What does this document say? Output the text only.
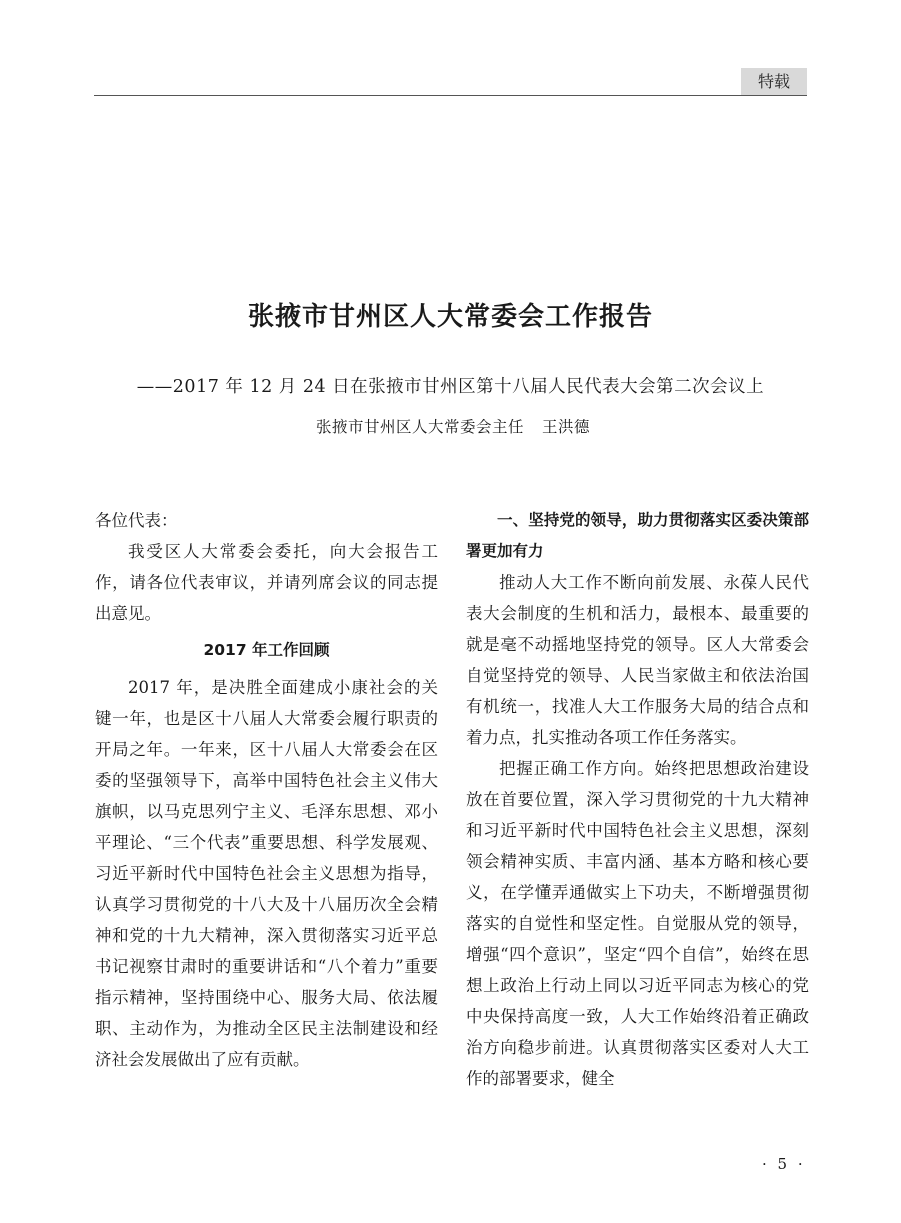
特载
张掖市甘州区人大常委会工作报告
——2017 年 12 月 24 日在张掖市甘州区第十八届人民代表大会第二次会议上
张掖市甘州区人大常委会主任 王洪德

各位代表：

我受区人大常委会委托，向大会报告工作，请各位代表审议，并请列席会议的同志提出意见。

2017 年工作回顾

2017 年，是决胜全面建成小康社会的关键一年，也是区十八届人大常委会履行职责的开局之年。一年来，区十八届人大常委会在区委的坚强领导下，高举中国特色社会主义伟大旗帜，以马克思列宁主义、毛泽东思想、邓小平理论、“三个代表”重要思想、科学发展观、习近平新时代中国特色社会主义思想为指导，认真学习贯彻党的十八大及十八届历次全会精神和党的十九大精神，深入贯彻落实习近平总书记视察甘肃时的重要讲话和“八个着力”重要指示精神，坚持围绕中心、服务大局、依法履职、主动作为，为推动全区民主法制建设和经济社会发展做出了应有贡献。

一、坚持党的领导，助力贯彻落实区委决策部署更加有力

推动人大工作不断向前发展、永葆人民代表大会制度的生机和活力，最根本、最重要的就是毫不动摇地坚持党的领导。区人大常委会自觉坚持党的领导、人民当家做主和依法治国有机统一，找准人大工作服务大局的结合点和着力点，扎实推动各项工作任务落实。

把握正确工作方向。始终把思想政治建设放在首要位置，深入学习贯彻党的十九大精神和习近平新时代中国特色社会主义思想，深刻领会精神实质、丰富内涵、基本方略和核心要义，在学懂弄通做实上下功夫，不断增强贯彻落实的自觉性和坚定性。自觉服从党的领导，增强“四个意识”，坚定“四个自信”，始终在思想上政治上行动上同以习近平同志为核心的党中央保持高度一致，人大工作始终沿着正确政治方向稳步前进。认真贯彻落实区委对人大工作的部署要求，健全

· 5 ·
